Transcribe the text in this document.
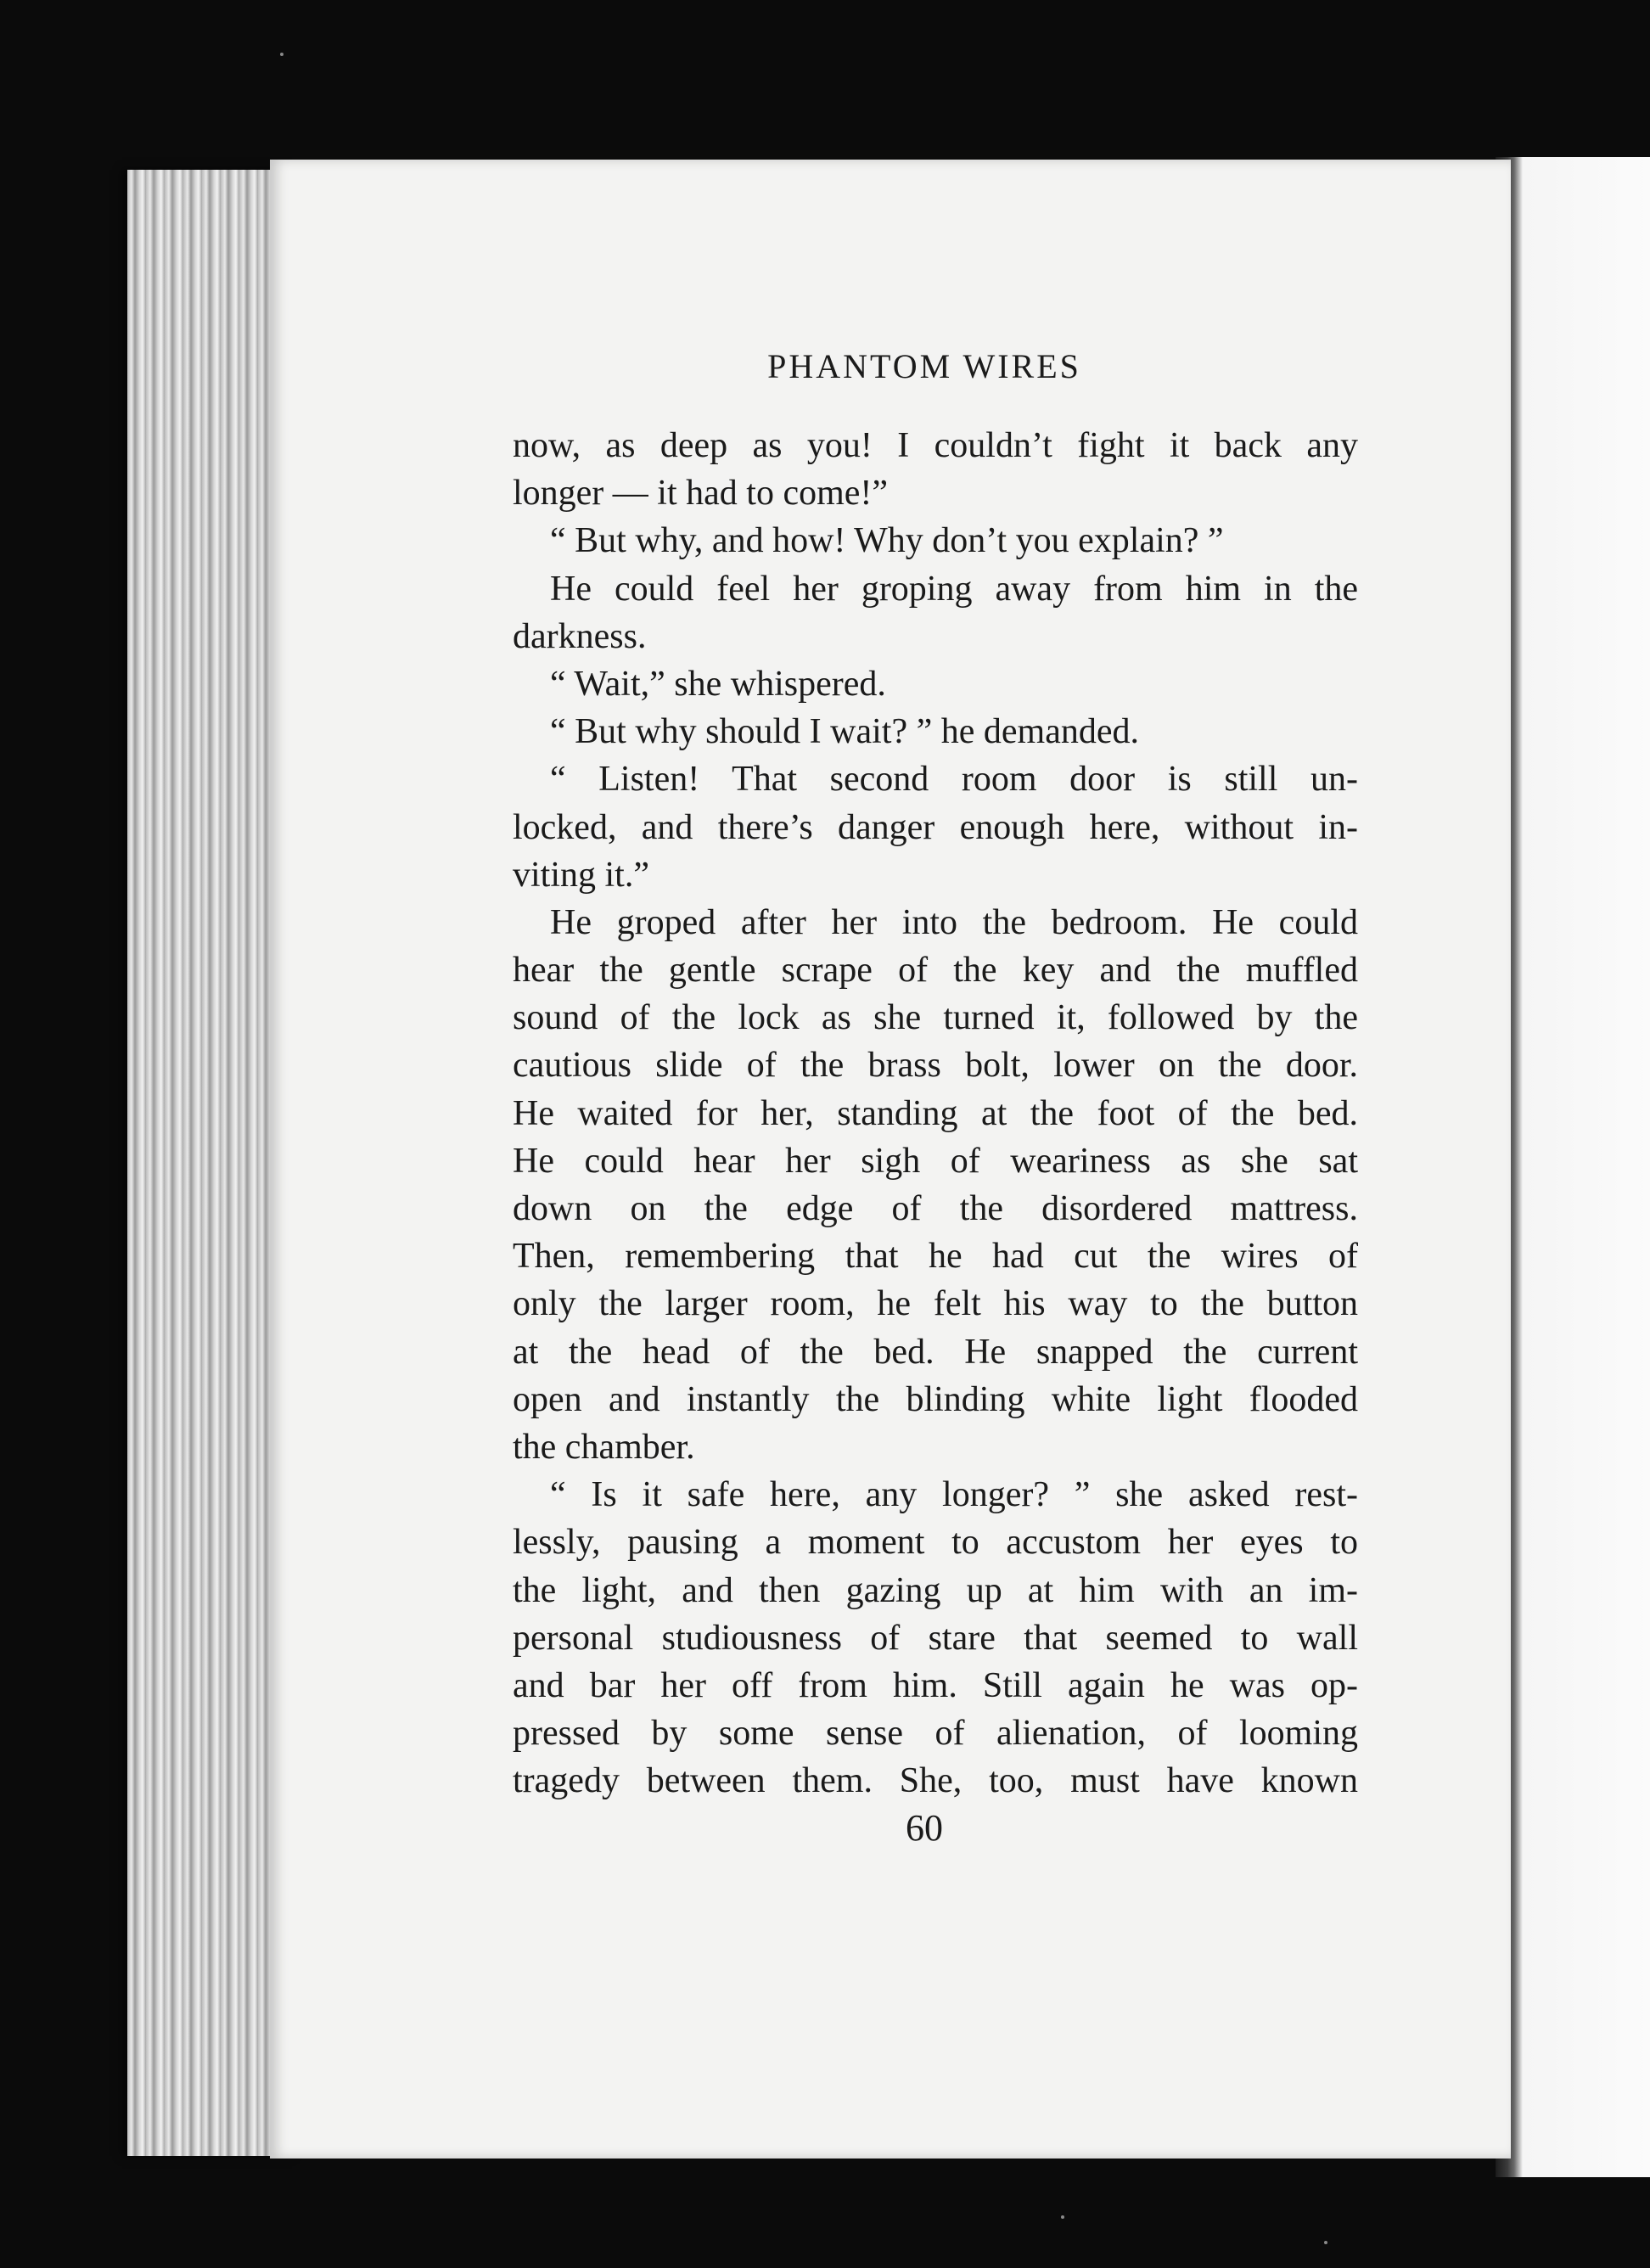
PHANTOM WIRES
now, as deep as you! I couldn’t fight it back any
longer — it had to come!”
“ But why, and how! Why don’t you explain? ”
He could feel her groping away from him in the
darkness.
“ Wait,” she whispered.
“ But why should I wait? ” he demanded.
“ Listen! That second room door is still un-
locked, and there’s danger enough here, without in-
viting it.”
He groped after her into the bedroom. He could
hear the gentle scrape of the key and the muffled
sound of the lock as she turned it, followed by the
cautious slide of the brass bolt, lower on the door.
He waited for her, standing at the foot of the bed.
He could hear her sigh of weariness as she sat
down on the edge of the disordered mattress.
Then, remembering that he had cut the wires of
only the larger room, he felt his way to the button
at the head of the bed. He snapped the current
open and instantly the blinding white light flooded
the chamber.
“ Is it safe here, any longer? ” she asked rest-
lessly, pausing a moment to accustom her eyes to
the light, and then gazing up at him with an im-
personal studiousness of stare that seemed to wall
and bar her off from him. Still again he was op-
pressed by some sense of alienation, of looming
tragedy between them. She, too, must have known
60
